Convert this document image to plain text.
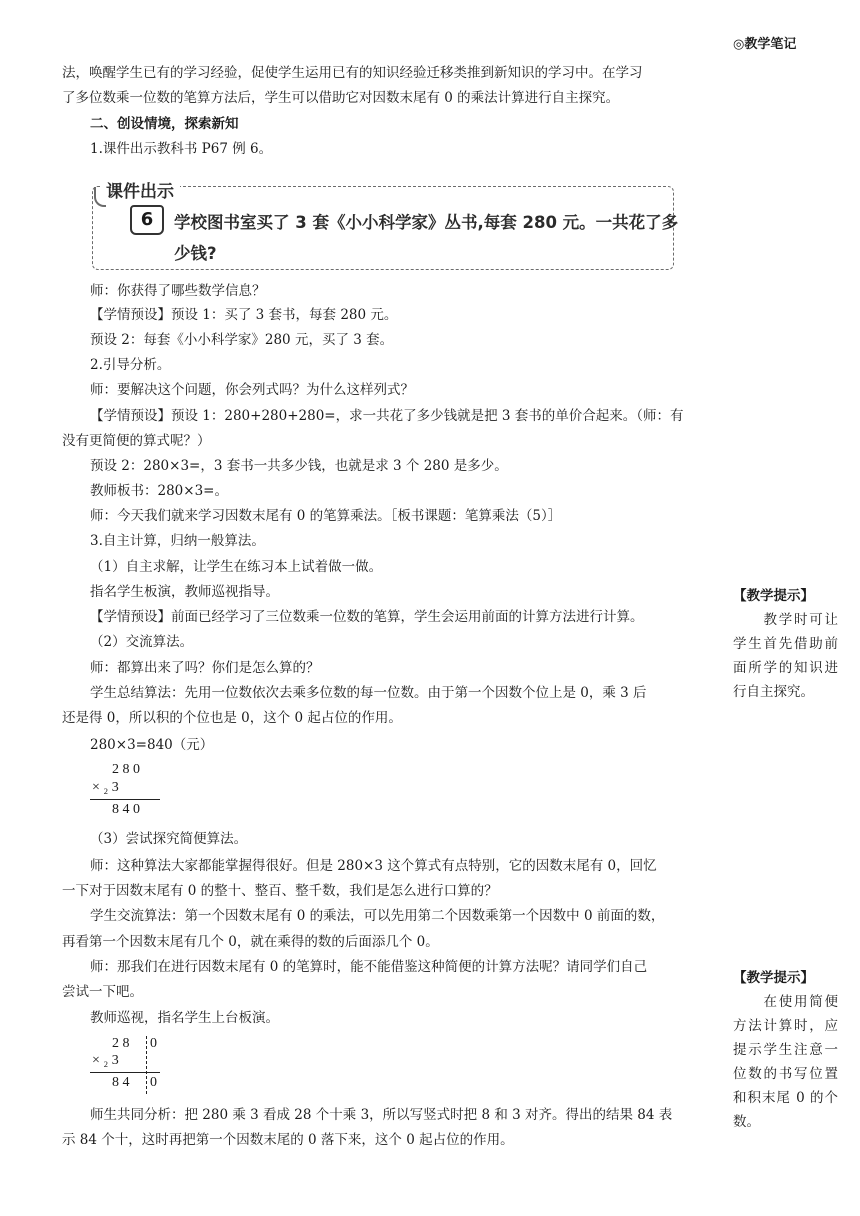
◎教学笔记
法，唤醒学生已有的学习经验，促使学生运用已有的知识经验迁移类推到新知识的学习中。在学习
了多位数乘一位数的笔算方法后，学生可以借助它对因数末尾有 0 的乘法计算进行自主探究。
二、创设情境，探索新知
1.课件出示教科书 P67 例 6。
课件出示
6	学校图书室买了 3 套《小小科学家》丛书,每套 280 元。一共花了多
少钱?
师：你获得了哪些数学信息？
【学情预设】预设 1：买了 3 套书，每套 280 元。
预设 2：每套《小小科学家》280 元，买了 3 套。
2.引导分析。
师：要解决这个问题，你会列式吗？为什么这样列式？
【学情预设】预设 1：280+280+280=，求一共花了多少钱就是把 3 套书的单价合起来。（师：有
没有更简便的算式呢？）
预设 2：280×3=，3 套书一共多少钱，也就是求 3 个 280 是多少。
教师板书：280×3=。
师：今天我们就来学习因数末尾有 0 的笔算乘法。［板书课题：笔算乘法（5）］
3.自主计算，归纳一般算法。
（1）自主求解，让学生在练习本上试着做一做。
指名学生板演，教师巡视指导。
【学情预设】前面已经学习了三位数乘一位数的笔算，学生会运用前面的计算方法进行计算。
（2）交流算法。
师：都算出来了吗？你们是怎么算的？
学生总结算法：先用一位数依次去乘多位数的每一位数。由于第一个因数个位上是 0，乘 3 后
还是得 0，所以积的个位也是 0，这个 0 起占位的作用。
280×3=840（元）
2 8 0
× ₂ 3
8 4 0
（3）尝试探究简便算法。
师：这种算法大家都能掌握得很好。但是 280×3 这个算式有点特别，它的因数末尾有 0，回忆
一下对于因数末尾有 0 的整十、整百、整千数，我们是怎么进行口算的？
学生交流算法：第一个因数末尾有 0 的乘法，可以先用第二个因数乘第一个因数中 0 前面的数，
再看第一个因数末尾有几个 0，就在乘得的数的后面添几个 0。
师：那我们在进行因数末尾有 0 的笔算时，能不能借鉴这种简便的计算方法呢？请同学们自己
尝试一下吧。
教师巡视，指名学生上台板演。
2 8 0
× ₂ 3
8 4 0
师生共同分析：把 280 乘 3 看成 28 个十乘 3，所以写竖式时把 8 和 3 对齐。得出的结果 84 表
示 84 个十，这时再把第一个因数末尾的 0 落下来，这个 0 起占位的作用。
【教学提示】
　　教学时可让学生首先借助前面所学的知识进行自主探究。
【教学提示】
　　在使用简便方法计算时，应提示学生注意一位数的书写位置和积末尾 0 的个数。
